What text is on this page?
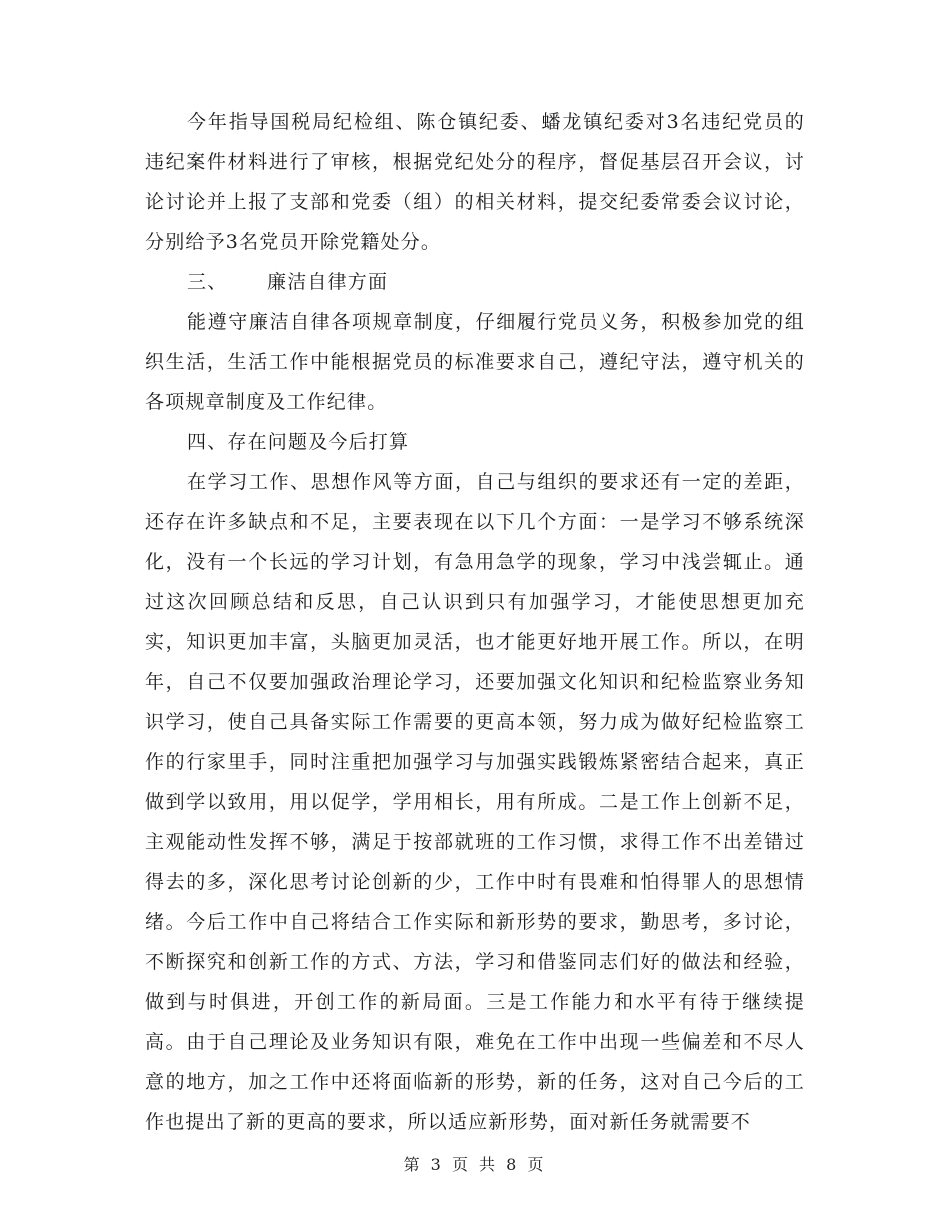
今年指导国税局纪检组、陈仓镇纪委、蟠龙镇纪委对3名违纪党员的违纪案件材料进行了审核，根据党纪处分的程序，督促基层召开会议，讨论讨论并上报了支部和党委（组）的相关材料，提交纪委常委会议讨论，分别给予3名党员开除党籍处分。

三、 廉洁自律方面

能遵守廉洁自律各项规章制度，仔细履行党员义务，积极参加党的组织生活，生活工作中能根据党员的标准要求自己，遵纪守法，遵守机关的各项规章制度及工作纪律。

四、存在问题及今后打算

在学习工作、思想作风等方面，自己与组织的要求还有一定的差距，还存在许多缺点和不足，主要表现在以下几个方面：一是学习不够系统深化，没有一个长远的学习计划，有急用急学的现象，学习中浅尝辄止。通过这次回顾总结和反思，自己认识到只有加强学习，才能使思想更加充实，知识更加丰富，头脑更加灵活，也才能更好地开展工作。所以，在明年，自己不仅要加强政治理论学习，还要加强文化知识和纪检监察业务知识学习，使自己具备实际工作需要的更高本领，努力成为做好纪检监察工作的行家里手，同时注重把加强学习与加强实践锻炼紧密结合起来，真正做到学以致用，用以促学，学用相长，用有所成。二是工作上创新不足，主观能动性发挥不够，满足于按部就班的工作习惯，求得工作不出差错过得去的多，深化思考讨论创新的少，工作中时有畏难和怕得罪人的思想情绪。今后工作中自己将结合工作实际和新形势的要求，勤思考，多讨论，不断探究和创新工作的方式、方法，学习和借鉴同志们好的做法和经验，做到与时俱进，开创工作的新局面。三是工作能力和水平有待于继续提高。由于自己理论及业务知识有限，难免在工作中出现一些偏差和不尽人意的地方，加之工作中还将面临新的形势，新的任务，这对自己今后的工作也提出了新的更高的要求，所以适应新形势，面对新任务就需要不

第 3 页 共 8 页
